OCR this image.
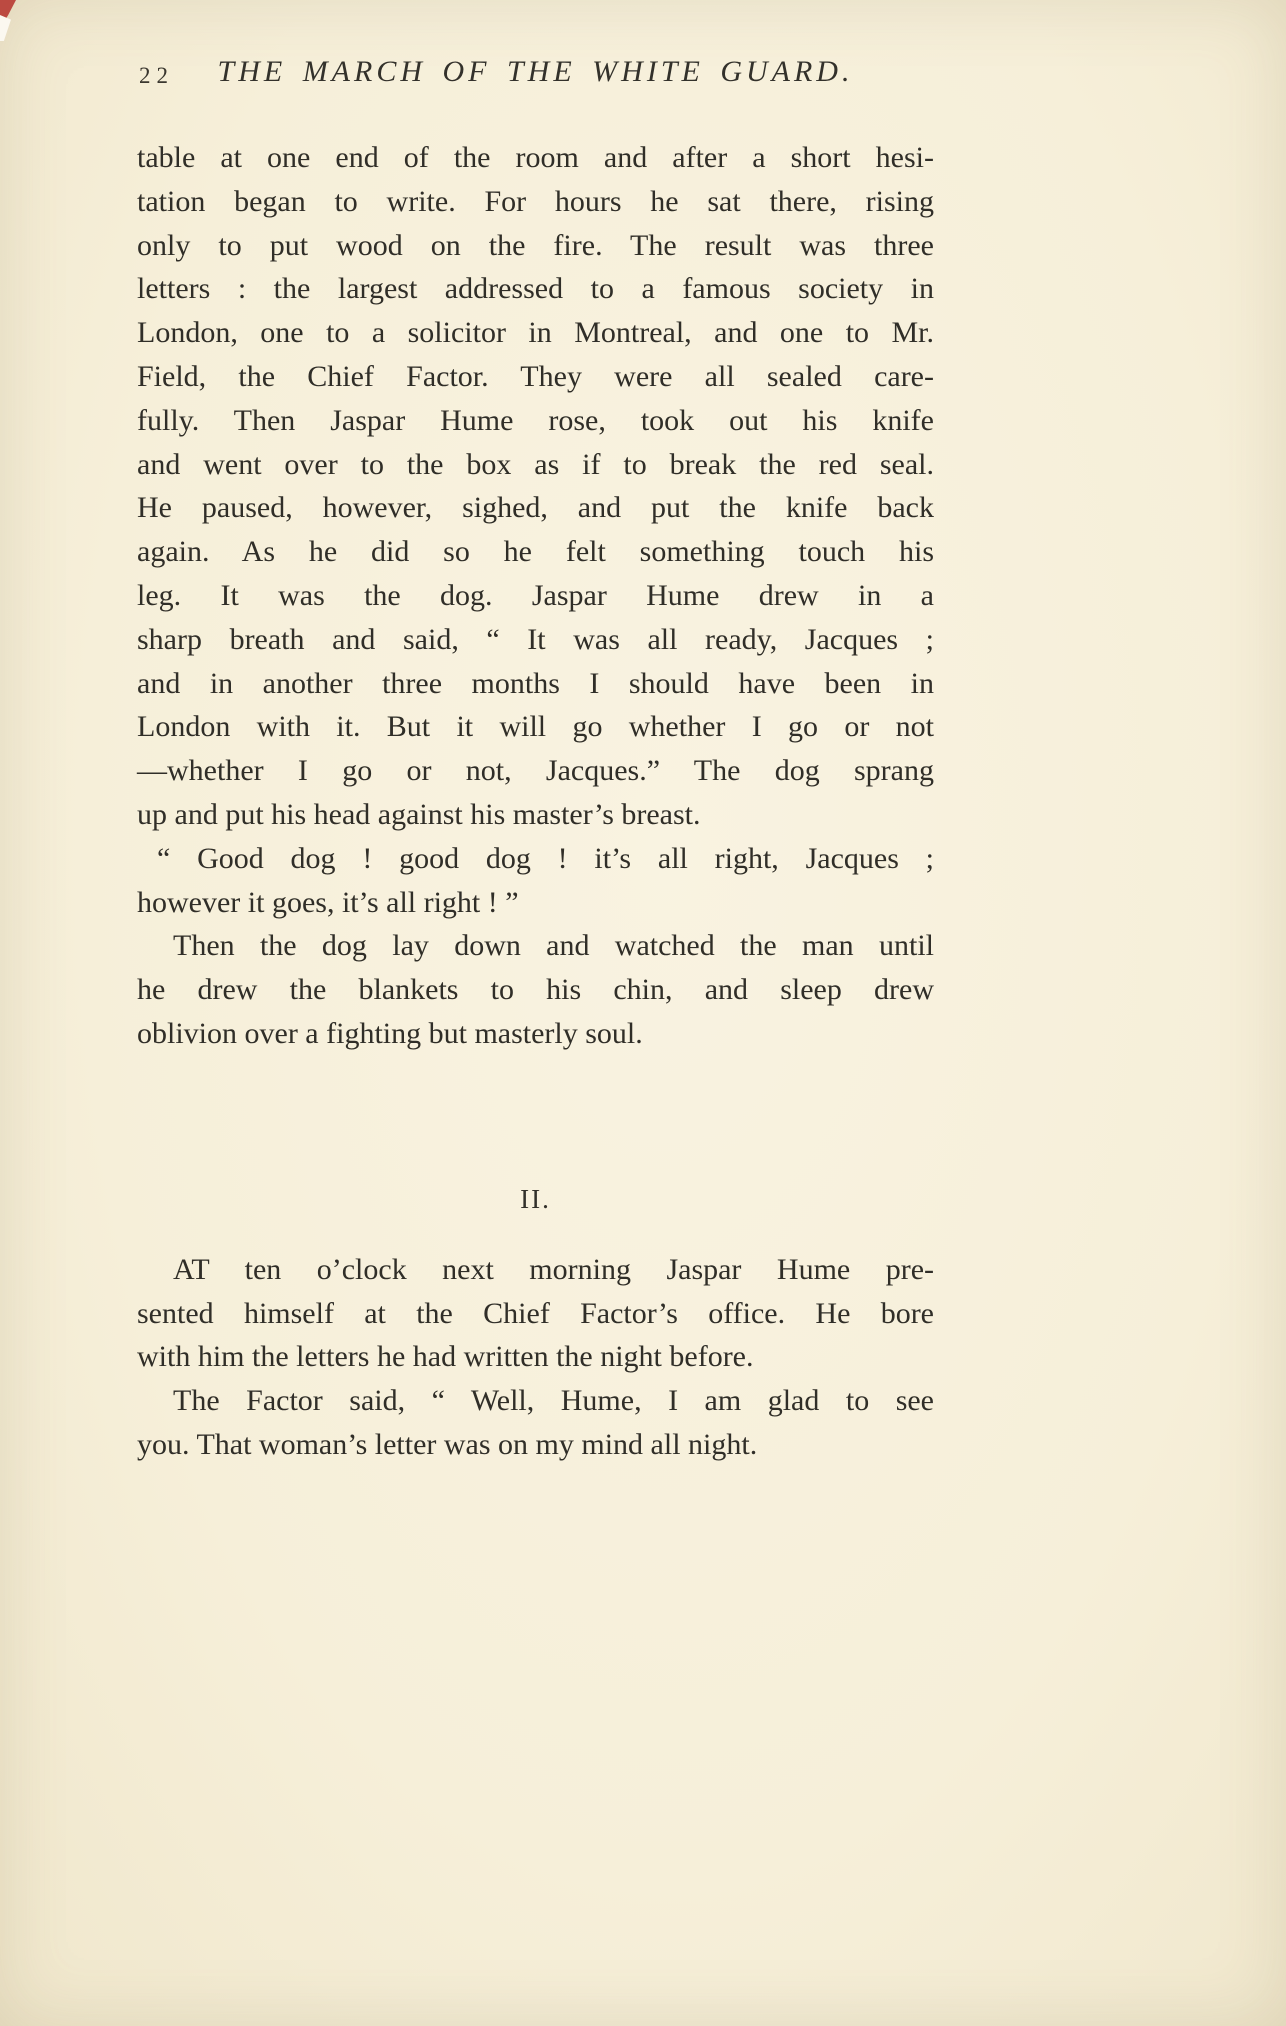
22	THE MARCH OF THE WHITE GUARD.

table at one end of the room and after a short hesi-
tation began to write. For hours he sat there, rising
only to put wood on the fire. The result was three
letters : the largest addressed to a famous society in
London, one to a solicitor in Montreal, and one to Mr.
Field, the Chief Factor. They were all sealed care-
fully. Then Jaspar Hume rose, took out his knife
and went over to the box as if to break the red seal.
He paused, however, sighed, and put the knife back
again. As he did so he felt something touch his
leg. It was the dog. Jaspar Hume drew in a
sharp breath and said, “ It was all ready, Jacques ;
and in another three months I should have been in
London with it. But it will go whether I go or not
—whether I go or not, Jacques.” The dog sprang
up and put his head against his master’s breast.

“ Good dog ! good dog ! it’s all right, Jacques ;
however it goes, it’s all right ! ”

Then the dog lay down and watched the man until
he drew the blankets to his chin, and sleep drew
oblivion over a fighting but masterly soul.

II.

AT ten o’clock next morning Jaspar Hume pre-
sented himself at the Chief Factor’s office. He bore
with him the letters he had written the night before.

The Factor said, “ Well, Hume, I am glad to see
you. That woman’s letter was on my mind all night.
